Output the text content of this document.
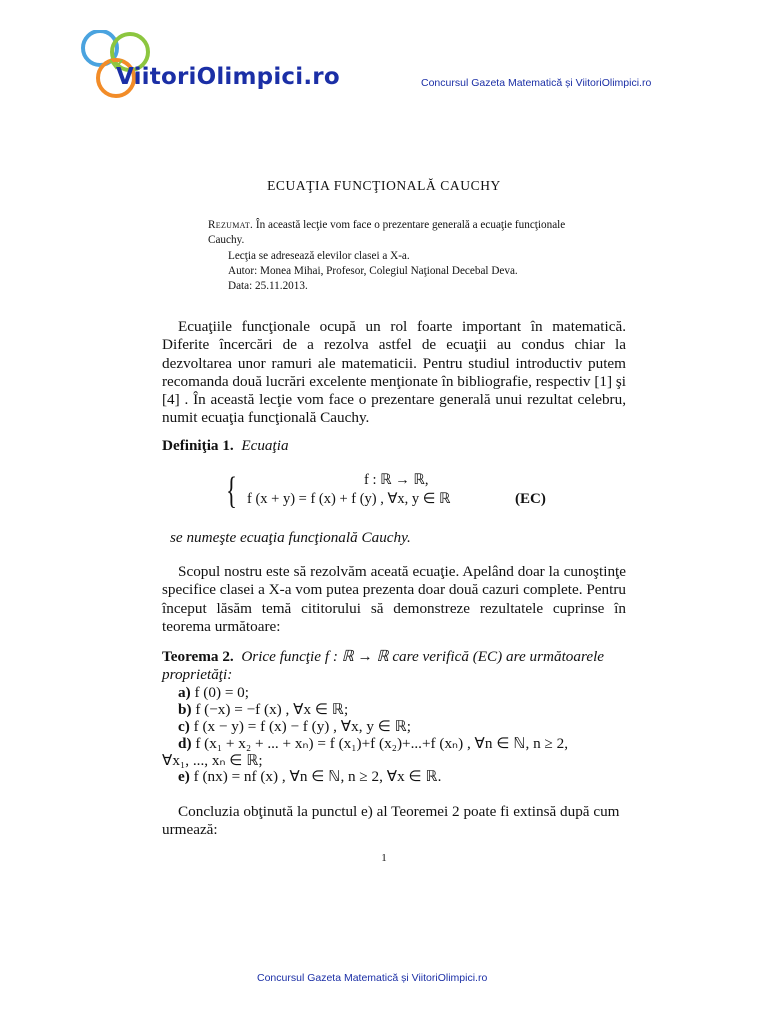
ViitoriOlimpici.ro	Concursul Gazeta Matematică și ViitoriOlimpici.ro
ECUAŢIA FUNCŢIONALĂ CAUCHY
Rezumat. În această lecţie vom face o prezentare generală a ecuaţie funcţionale Cauchy.
Lecţia se adresează elevilor clasei a X-a.
Autor: Monea Mihai, Profesor, Colegiul Naţional Decebal Deva.
Data: 25.11.2013.
Ecuaţiile funcţionale ocupă un rol foarte important în matematică. Diferite încercări de a rezolva astfel de ecuaţii au condus chiar la dezvoltarea unor ramuri ale matematicii. Pentru studiul introductiv putem recomanda două lucrări excelente menţionate în bibliografie, respectiv [1] şi [4] . În această lecţie vom face o prezentare generală unui rezultat celebru, numit ecuaţia funcţională Cauchy.
Definiţia 1. Ecuaţia
{	f : ℝ → ℝ,
f (x + y) = f (x) + f (y) , ∀x, y ∈ ℝ	(EC)
se numeşte ecuaţia funcţională Cauchy.
Scopul nostru este să rezolvăm aceată ecuaţie. Apelând doar la cunoştinţe specifice clasei a X-a vom putea prezenta doar două cazuri complete. Pentru început lăsăm temă cititorului să demonstreze rezultatele cuprinse în teorema următoare:
Teorema 2. Orice funcţie f : ℝ → ℝ care verifică (EC) are următoarele
proprietăţi:
a) f (0) = 0;
b) f (−x) = −f (x) , ∀x ∈ ℝ;
c) f (x − y) = f (x) − f (y) , ∀x, y ∈ ℝ;
d) f (x₁ + x₂ + ... + xₙ) = f (x₁)+f (x₂)+...+f (xₙ) , ∀n ∈ ℕ, n ≥ 2,
∀x₁, ..., xₙ ∈ ℝ;
e) f (nx) = nf (x) , ∀n ∈ ℕ, n ≥ 2, ∀x ∈ ℝ.
Concluzia obţinută la punctul e) al Teoremei 2 poate fi extinsă după cum urmează:
1
Concursul Gazeta Matematică și ViitoriOlimpici.ro
